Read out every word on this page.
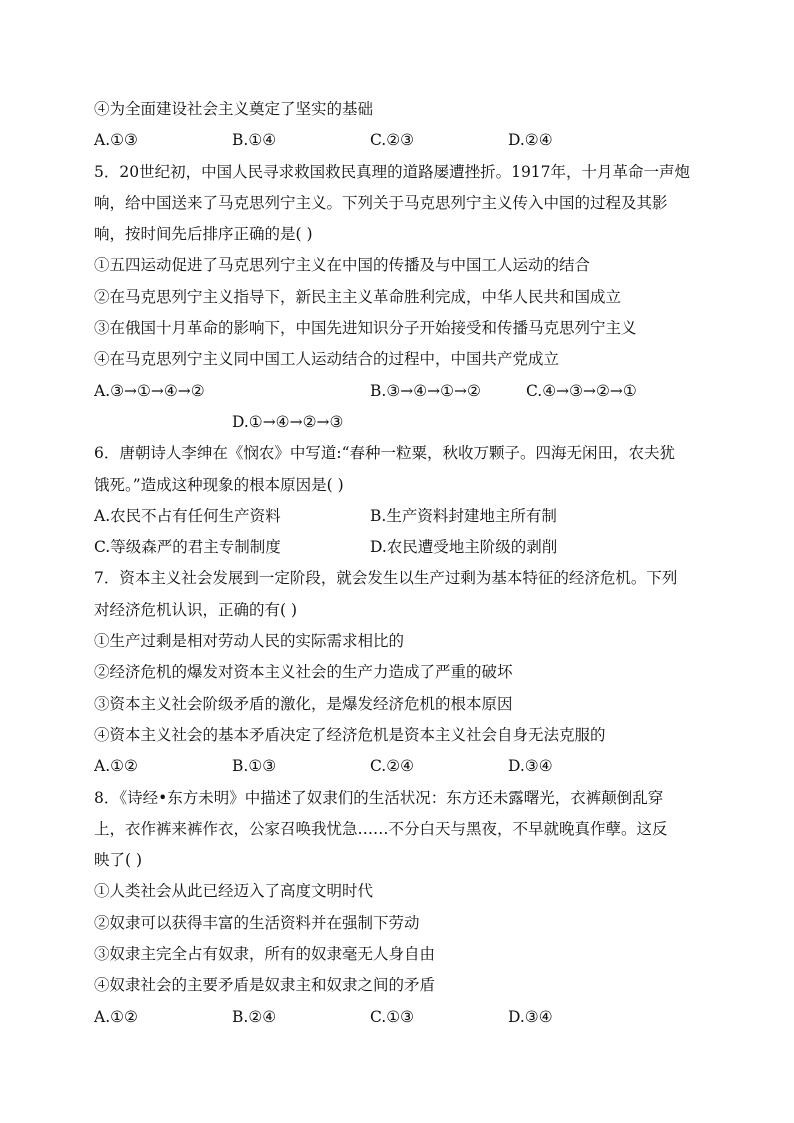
④为全面建设社会主义奠定了坚实的基础
A.①③	B.①④	C.②③	D.②④
5．20世纪初，中国人民寻求救国救民真理的道路屡遭挫折。1917年，十月革命一声炮
响，给中国送来了马克思列宁主义。下列关于马克思列宁主义传入中国的过程及其影
响，按时间先后排序正确的是( )
①五四运动促进了马克思列宁主义在中国的传播及与中国工人运动的结合
②在马克思列宁主义指导下，新民主主义革命胜利完成，中华人民共和国成立
③在俄国十月革命的影响下，中国先进知识分子开始接受和传播马克思列宁主义
④在马克思列宁主义同中国工人运动结合的过程中，中国共产党成立
A.③→①→④→②	B.③→④→①→②	C.④→③→②→①
D.①→④→②→③
6．唐朝诗人李绅在《悯农》中写道:“春种一粒粟，秋收万颗子。四海无闲田，农夫犹
饿死。”造成这种现象的根本原因是( )
A.农民不占有任何生产资料	B.生产资料封建地主所有制
C.等级森严的君主专制制度	D.农民遭受地主阶级的剥削
7．资本主义社会发展到一定阶段，就会发生以生产过剩为基本特征的经济危机。下列
对经济危机认识，正确的有( )
①生产过剩是相对劳动人民的实际需求相比的
②经济危机的爆发对资本主义社会的生产力造成了严重的破坏
③资本主义社会阶级矛盾的激化，是爆发经济危机的根本原因
④资本主义社会的基本矛盾决定了经济危机是资本主义社会自身无法克服的
A.①②	B.①③	C.②④	D.③④
8．《诗经•东方未明》中描述了奴隶们的生活状况：东方还未露曙光，衣裤颠倒乱穿
上，衣作裤来裤作衣，公家召唤我忧急……不分白天与黑夜，不早就晚真作孽。这反
映了( )
①人类社会从此已经迈入了高度文明时代
②奴隶可以获得丰富的生活资料并在强制下劳动
③奴隶主完全占有奴隶，所有的奴隶毫无人身自由
④奴隶社会的主要矛盾是奴隶主和奴隶之间的矛盾
A.①②	B.②④	C.①③	D.③④
